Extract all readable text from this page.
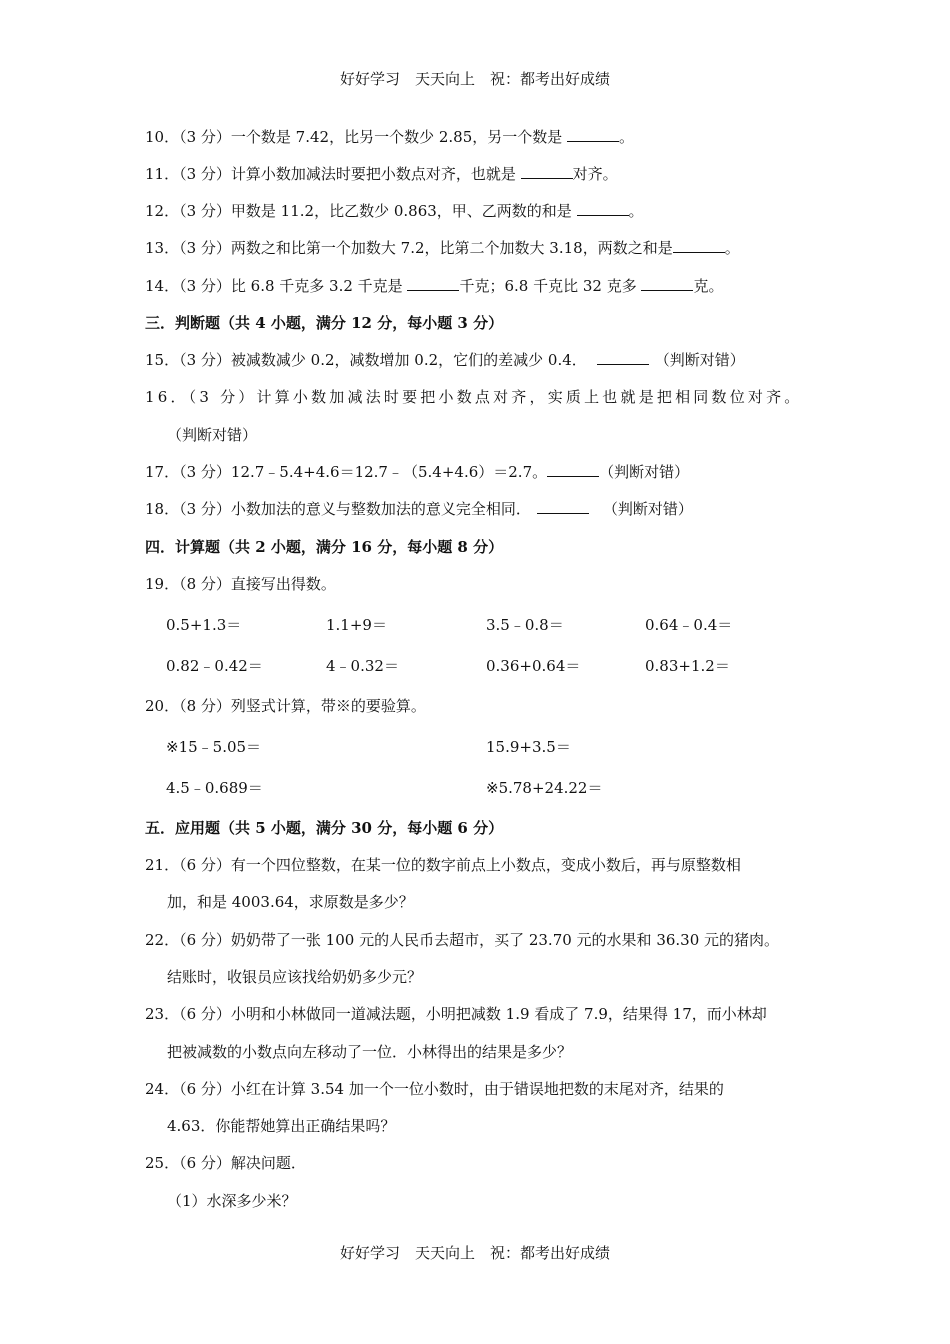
好好学习　天天向上　祝：都考出好成绩
10．（3 分）一个数是 7.42，比另一个数少 2.85，另一个数是	。
11．（3 分）计算小数加减法时要把小数点对齐，也就是	对齐。
12．（3 分）甲数是 11.2，比乙数少 0.863，甲、乙两数的和是	。
13．（3 分）两数之和比第一个加数大 7.2，比第二个加数大 3.18，两数之和是	。
14．（3 分）比 6.8 千克多 3.2 千克是	千克；6.8 千克比 32 克多	克。
三．判断题（共 4 小题，满分 12 分，每小题 3 分）
15．（3 分）被减数减少 0.2，减数增加 0.2，它们的差减少 0.4．	（判断对错）
16．（3 分）计算小数加减法时要把小数点对齐，实质上也就是把相同数位对齐。
（判断对错）
17．（3 分）12.7﹣5.4+4.6＝12.7﹣（5.4+4.6）＝2.7。	（判断对错）
18．（3 分）小数加法的意义与整数加法的意义完全相同．	（判断对错）
四．计算题（共 2 小题，满分 16 分，每小题 8 分）
19．（8 分）直接写出得数。
0.5+1.3＝	1.1+9＝	3.5﹣0.8＝	0.64﹣0.4＝
0.82﹣0.42＝	4﹣0.32＝	0.36+0.64＝	0.83+1.2＝
20．（8 分）列竖式计算，带※的要验算。
※15﹣5.05＝	15.9+3.5＝
4.5﹣0.689＝	※5.78+24.22＝
五．应用题（共 5 小题，满分 30 分，每小题 6 分）
21．（6 分）有一个四位整数，在某一位的数字前点上小数点，变成小数后，再与原整数相
加，和是 4003.64，求原数是多少？
22．（6 分）奶奶带了一张 100 元的人民币去超市，买了 23.70 元的水果和 36.30 元的猪肉。
结账时，收银员应该找给奶奶多少元？
23．（6 分）小明和小林做同一道减法题，小明把减数 1.9 看成了 7.9，结果得 17，而小林却
把被减数的小数点向左移动了一位．小林得出的结果是多少？
24．（6 分）小红在计算 3.54 加一个一位小数时，由于错误地把数的末尾对齐，结果的
4.63．你能帮她算出正确结果吗？
25．（6 分）解决问题．
（1）水深多少米？
好好学习　天天向上　祝：都考出好成绩
